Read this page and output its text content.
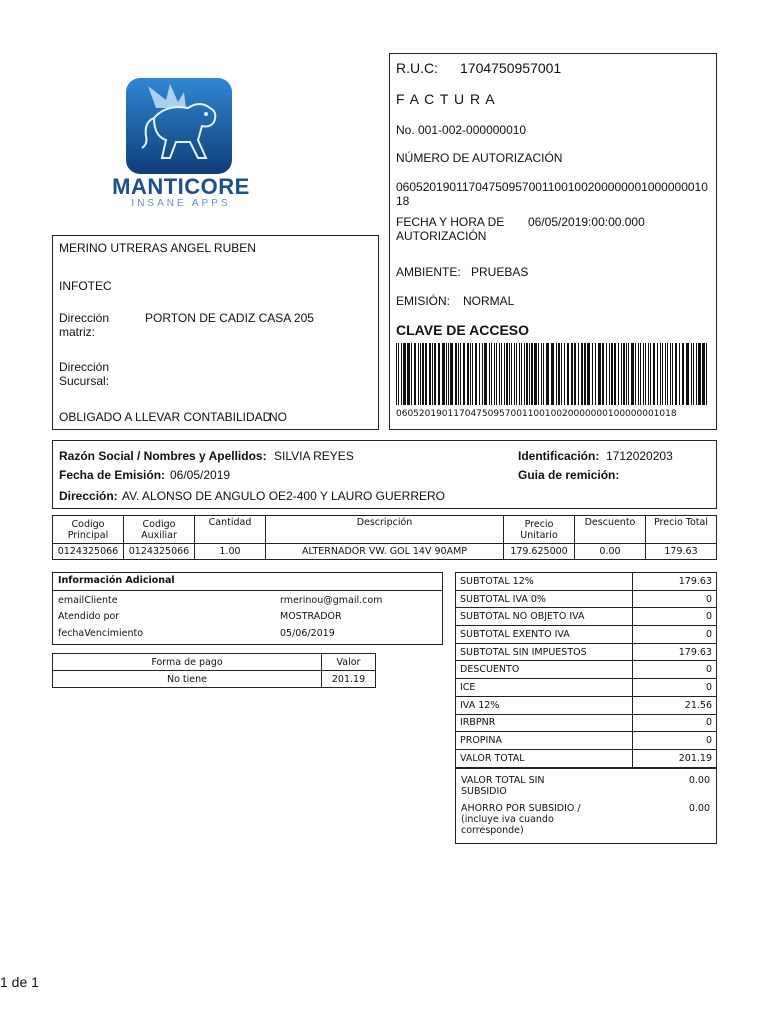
MANTICORE
INSANE APPS
MERINO UTRERAS ANGEL RUBEN
INFOTEC
Dirección matriz:
PORTON DE CADIZ CASA 205
Dirección Sucursal:
OBLIGADO A LLEVAR CONTABILIDAD
NO
R.U.C: 1704750957001
F A C T U R A
No. 001-002-000000010
NÚMERO DE AUTORIZACIÓN
0605201901170475095700110010020000000100000001018
FECHA Y HORA DE AUTORIZACIÓN
06/05/2019:00:00.000
AMBIENTE: PRUEBAS
EMISIÓN: NORMAL
CLAVE DE ACCESO
0605201901170475095700110010020000000100000001018
Razón Social / Nombres y Apellidos: SILVIA REYES	Identificación: 1712020203
Fecha de Emisión: 06/05/2019	Guia de remición:
Dirección: AV. ALONSO DE ANGULO OE2-400 Y LAURO GUERRERO
Codigo Principal	Codigo Auxiliar	Cantidad	Descripción	Precio Unitario	Descuento	Precio Total
0124325066	0124325066	1.00	ALTERNADOR VW. GOL 14V 90AMP	179.625000	0.00	179.63
Información Adicional
emailCliente	rmerinou@gmail.com
Atendido por	MOSTRADOR
fechaVencimiento	05/06/2019
Forma de pago	Valor
No tiene	201.19
SUBTOTAL 12%	179.63
SUBTOTAL IVA 0%	0
SUBTOTAL NO OBJETO IVA	0
SUBTOTAL EXENTO IVA	0
SUBTOTAL SIN IMPUESTOS	179.63
DESCUENTO	0
ICE	0
IVA 12%	21.56
IRBPNR	0
PROPINA	0
VALOR TOTAL	201.19
VALOR TOTAL SIN SUBSIDIO
0.00
AHORRO POR SUBSIDIO / (incluye iva cuando corresponde)
0.00
1 de 1
